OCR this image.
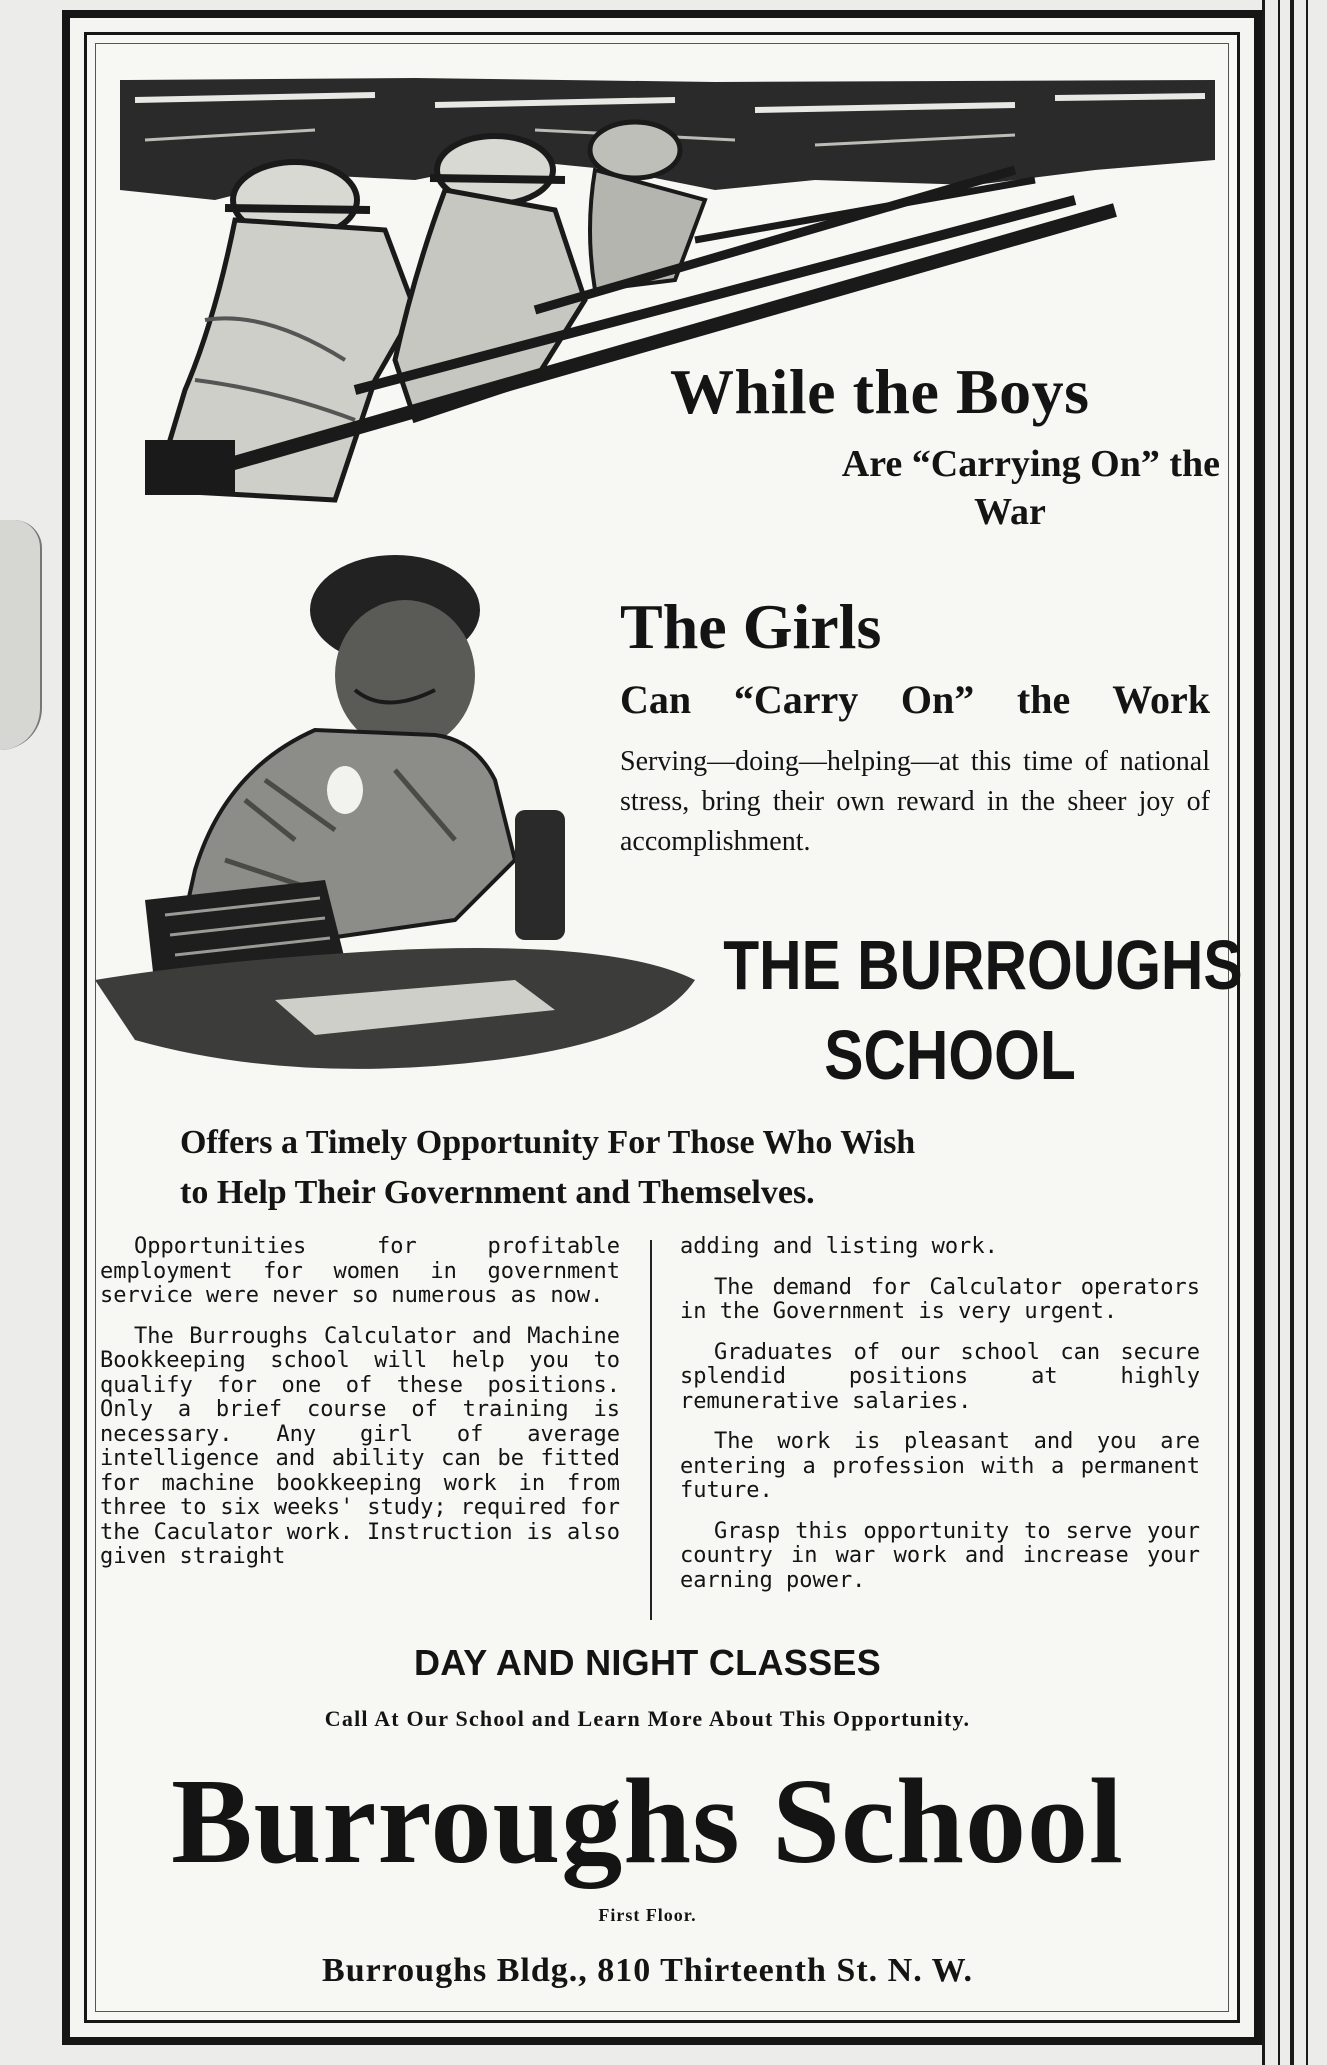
While the Boys
Are “Carrying On” the
War
The Girls
Can “Carry On” the Work
Serving—doing—helping—at this time of national stress, bring their own reward in the sheer joy of accomplishment.
THE BURROUGHS
SCHOOL
Offers a Timely Opportunity For Those Who Wish
to Help Their Government and Themselves.

Opportunities for profitable employment for women in government service were never so numerous as now.

The Burroughs Calculator and Machine Bookkeeping school will help you to qualify for one of these positions. Only a brief course of training is necessary. Any girl of average intelligence and ability can be fitted for machine bookkeeping work in from three to six weeks' study; required for the Caculator work. Instruction is also given straight

adding and listing work.

The demand for Calculator operators in the Government is very urgent.

Graduates of our school can secure splendid positions at highly remunerative salaries.

The work is pleasant and you are entering a profession with a permanent future.

Grasp this opportunity to serve your country in war work and increase your earning power.

DAY AND NIGHT CLASSES
Call At Our School and Learn More About This Opportunity.
Burroughs School
First Floor.
Burroughs Bldg., 810 Thirteenth St. N. W.
